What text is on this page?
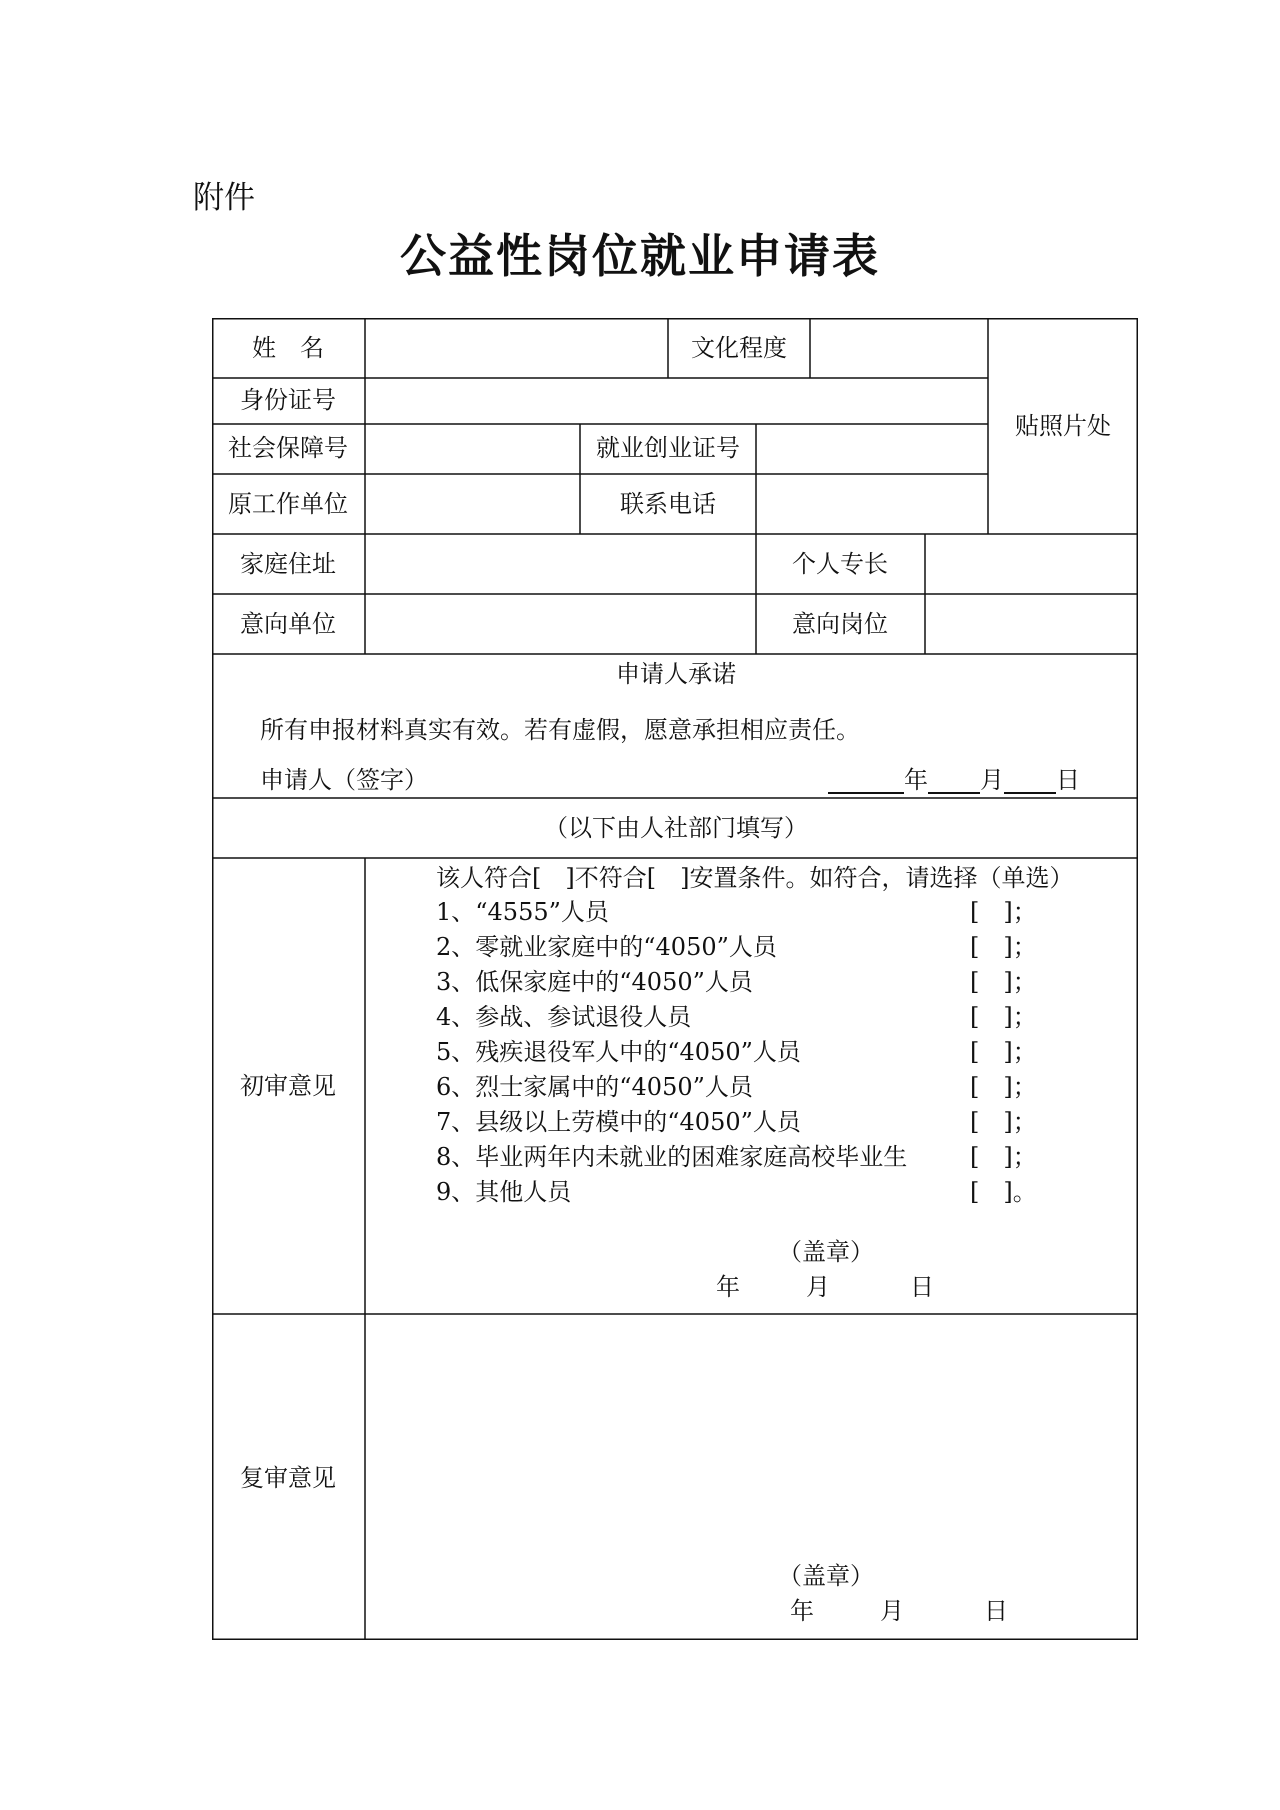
附件
公益性岗位就业申请表
姓　名	文化程度
贴照片处
身份证号
社会保障号	就业创业证号
原工作单位	联系电话
家庭住址	个人专长
意向单位	意向岗位
申请人承诺
所有申报材料真实有效。若有虚假，愿意承担相应责任。
申请人（签字）	年 月 日
（以下由人社部门填写）
初审意见
该人符合[　]不符合[　]安置条件。如符合，请选择（单选）
1、“4555”人员	[　]；
2、零就业家庭中的“4050”人员	[　]；
3、低保家庭中的“4050”人员	[　]；
4、参战、参试退役人员	[　]；
5、残疾退役军人中的“4050”人员	[　]；
6、烈士家属中的“4050”人员	[　]；
7、县级以上劳模中的“4050”人员	[　]；
8、毕业两年内未就业的困难家庭高校毕业生	[　]；
9、其他人员	[　]。
（盖章）
年	月	日
复审意见
（盖章）
年	月	日
